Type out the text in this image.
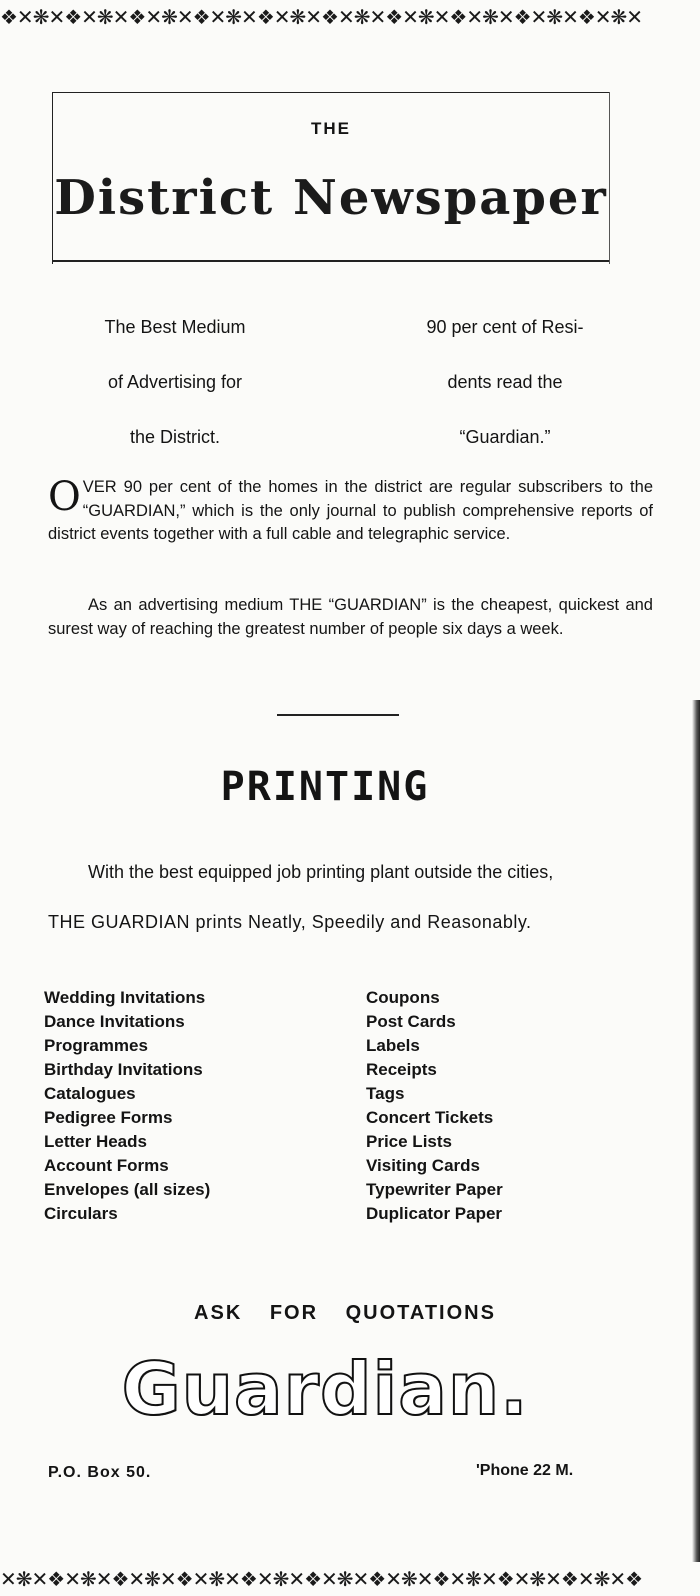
❖✕❋✕❖✕❋✕❖✕❋✕❖✕❋✕❖✕❋✕❖✕❋✕❖✕❋✕❖✕❋✕❖✕❋✕❖✕❋✕
THE
District Newspaper
The Best Medium
of Advertising for
the District.
90 per cent of Resi-
dents read the
“Guardian.”
OVER 90 per cent of the homes in the district are regular subscribers to the “GUARDIAN,” which is the only journal to publish comprehensive reports of district events together with a full cable and telegraphic service.
As an advertising medium THE “GUARDIAN” is the cheapest, quickest and surest way of reaching the greatest number of people six days a week.
PRINTING
With the best equipped job printing plant outside the cities,
THE GUARDIAN prints Neatly, Speedily and Reasonably.
Wedding Invitations
Dance Invitations
Programmes
Birthday Invitations
Catalogues
Pedigree Forms
Letter Heads
Account Forms
Envelopes (all sizes)
Circulars
Coupons
Post Cards
Labels
Receipts
Tags
Concert Tickets
Price Lists
Visiting Cards
Typewriter Paper
Duplicator Paper
ASK FOR QUOTATIONS
Guardian.
P.O. Box 50.	'Phone 22 M.
✕❋✕❖✕❋✕❖✕❋✕❖✕❋✕❖✕❋✕❖✕❋✕❖✕❋✕❖✕❋✕❖✕❋✕❖✕❋✕❖
